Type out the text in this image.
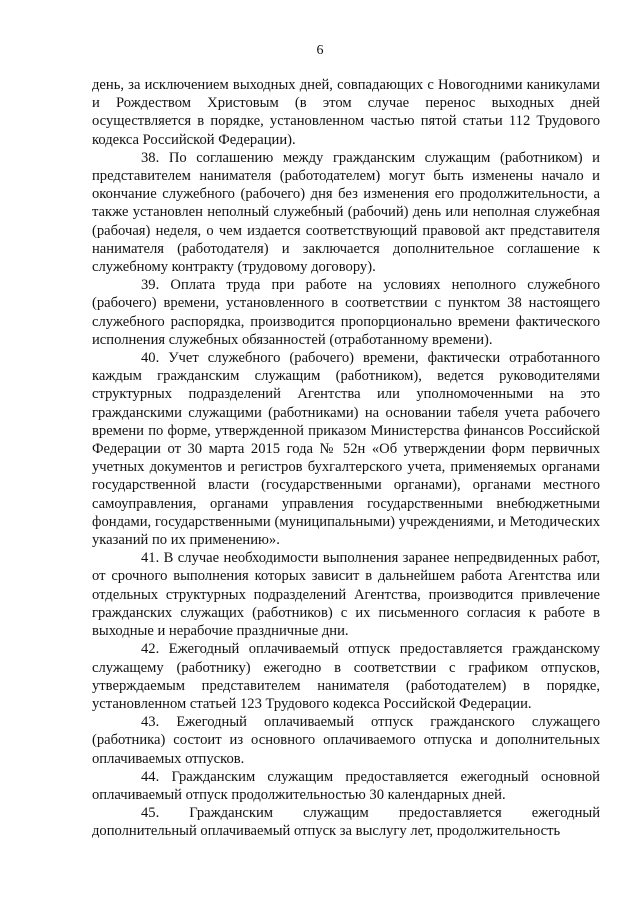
6

день, за исключением выходных дней, совпадающих с Новогодними каникулами и Рождеством Христовым (в этом случае перенос выходных дней осуществляется в порядке, установленном частью пятой статьи 112 Трудового кодекса Российской Федерации).

38. По соглашению между гражданским служащим (работником) и представителем нанимателя (работодателем) могут быть изменены начало и окончание служебного (рабочего) дня без изменения его продолжительности, а также установлен неполный служебный (рабочий) день или неполная служебная (рабочая) неделя, о чем издается соответствующий правовой акт представителя нанимателя (работодателя) и заключается дополнительное соглашение к служебному контракту (трудовому договору).

39. Оплата труда при работе на условиях неполного служебного (рабочего) времени, установленного в соответствии с пунктом 38 настоящего служебного распорядка, производится пропорционально времени фактического исполнения служебных обязанностей (отработанному времени).

40. Учет служебного (рабочего) времени, фактически отработанного каждым гражданским служащим (работником), ведется руководителями структурных подразделений Агентства или уполномоченными на это гражданскими служащими (работниками) на основании табеля учета рабочего времени по форме, утвержденной приказом Министерства финансов Российской Федерации от 30 марта 2015 года № 52н «Об утверждении форм первичных учетных документов и регистров бухгалтерского учета, применяемых органами государственной власти (государственными органами), органами местного самоуправления, органами управления государственными внебюджетными фондами, государственными (муниципальными) учреждениями, и Методических указаний по их применению».

41. В случае необходимости выполнения заранее непредвиденных работ, от срочного выполнения которых зависит в дальнейшем работа Агентства или отдельных структурных подразделений Агентства, производится привлечение гражданских служащих (работников) с их письменного согласия к работе в выходные и нерабочие праздничные дни.

42. Ежегодный оплачиваемый отпуск предоставляется гражданскому служащему (работнику) ежегодно в соответствии с графиком отпусков, утверждаемым представителем нанимателя (работодателем) в порядке, установленном статьей 123 Трудового кодекса Российской Федерации.

43. Ежегодный оплачиваемый отпуск гражданского служащего (работника) состоит из основного оплачиваемого отпуска и дополнительных оплачиваемых отпусков.

44. Гражданским служащим предоставляется ежегодный основной оплачиваемый отпуск продолжительностью 30 календарных дней.

45. Гражданским служащим предоставляется ежегодный дополнительный оплачиваемый отпуск за выслугу лет, продолжительность
